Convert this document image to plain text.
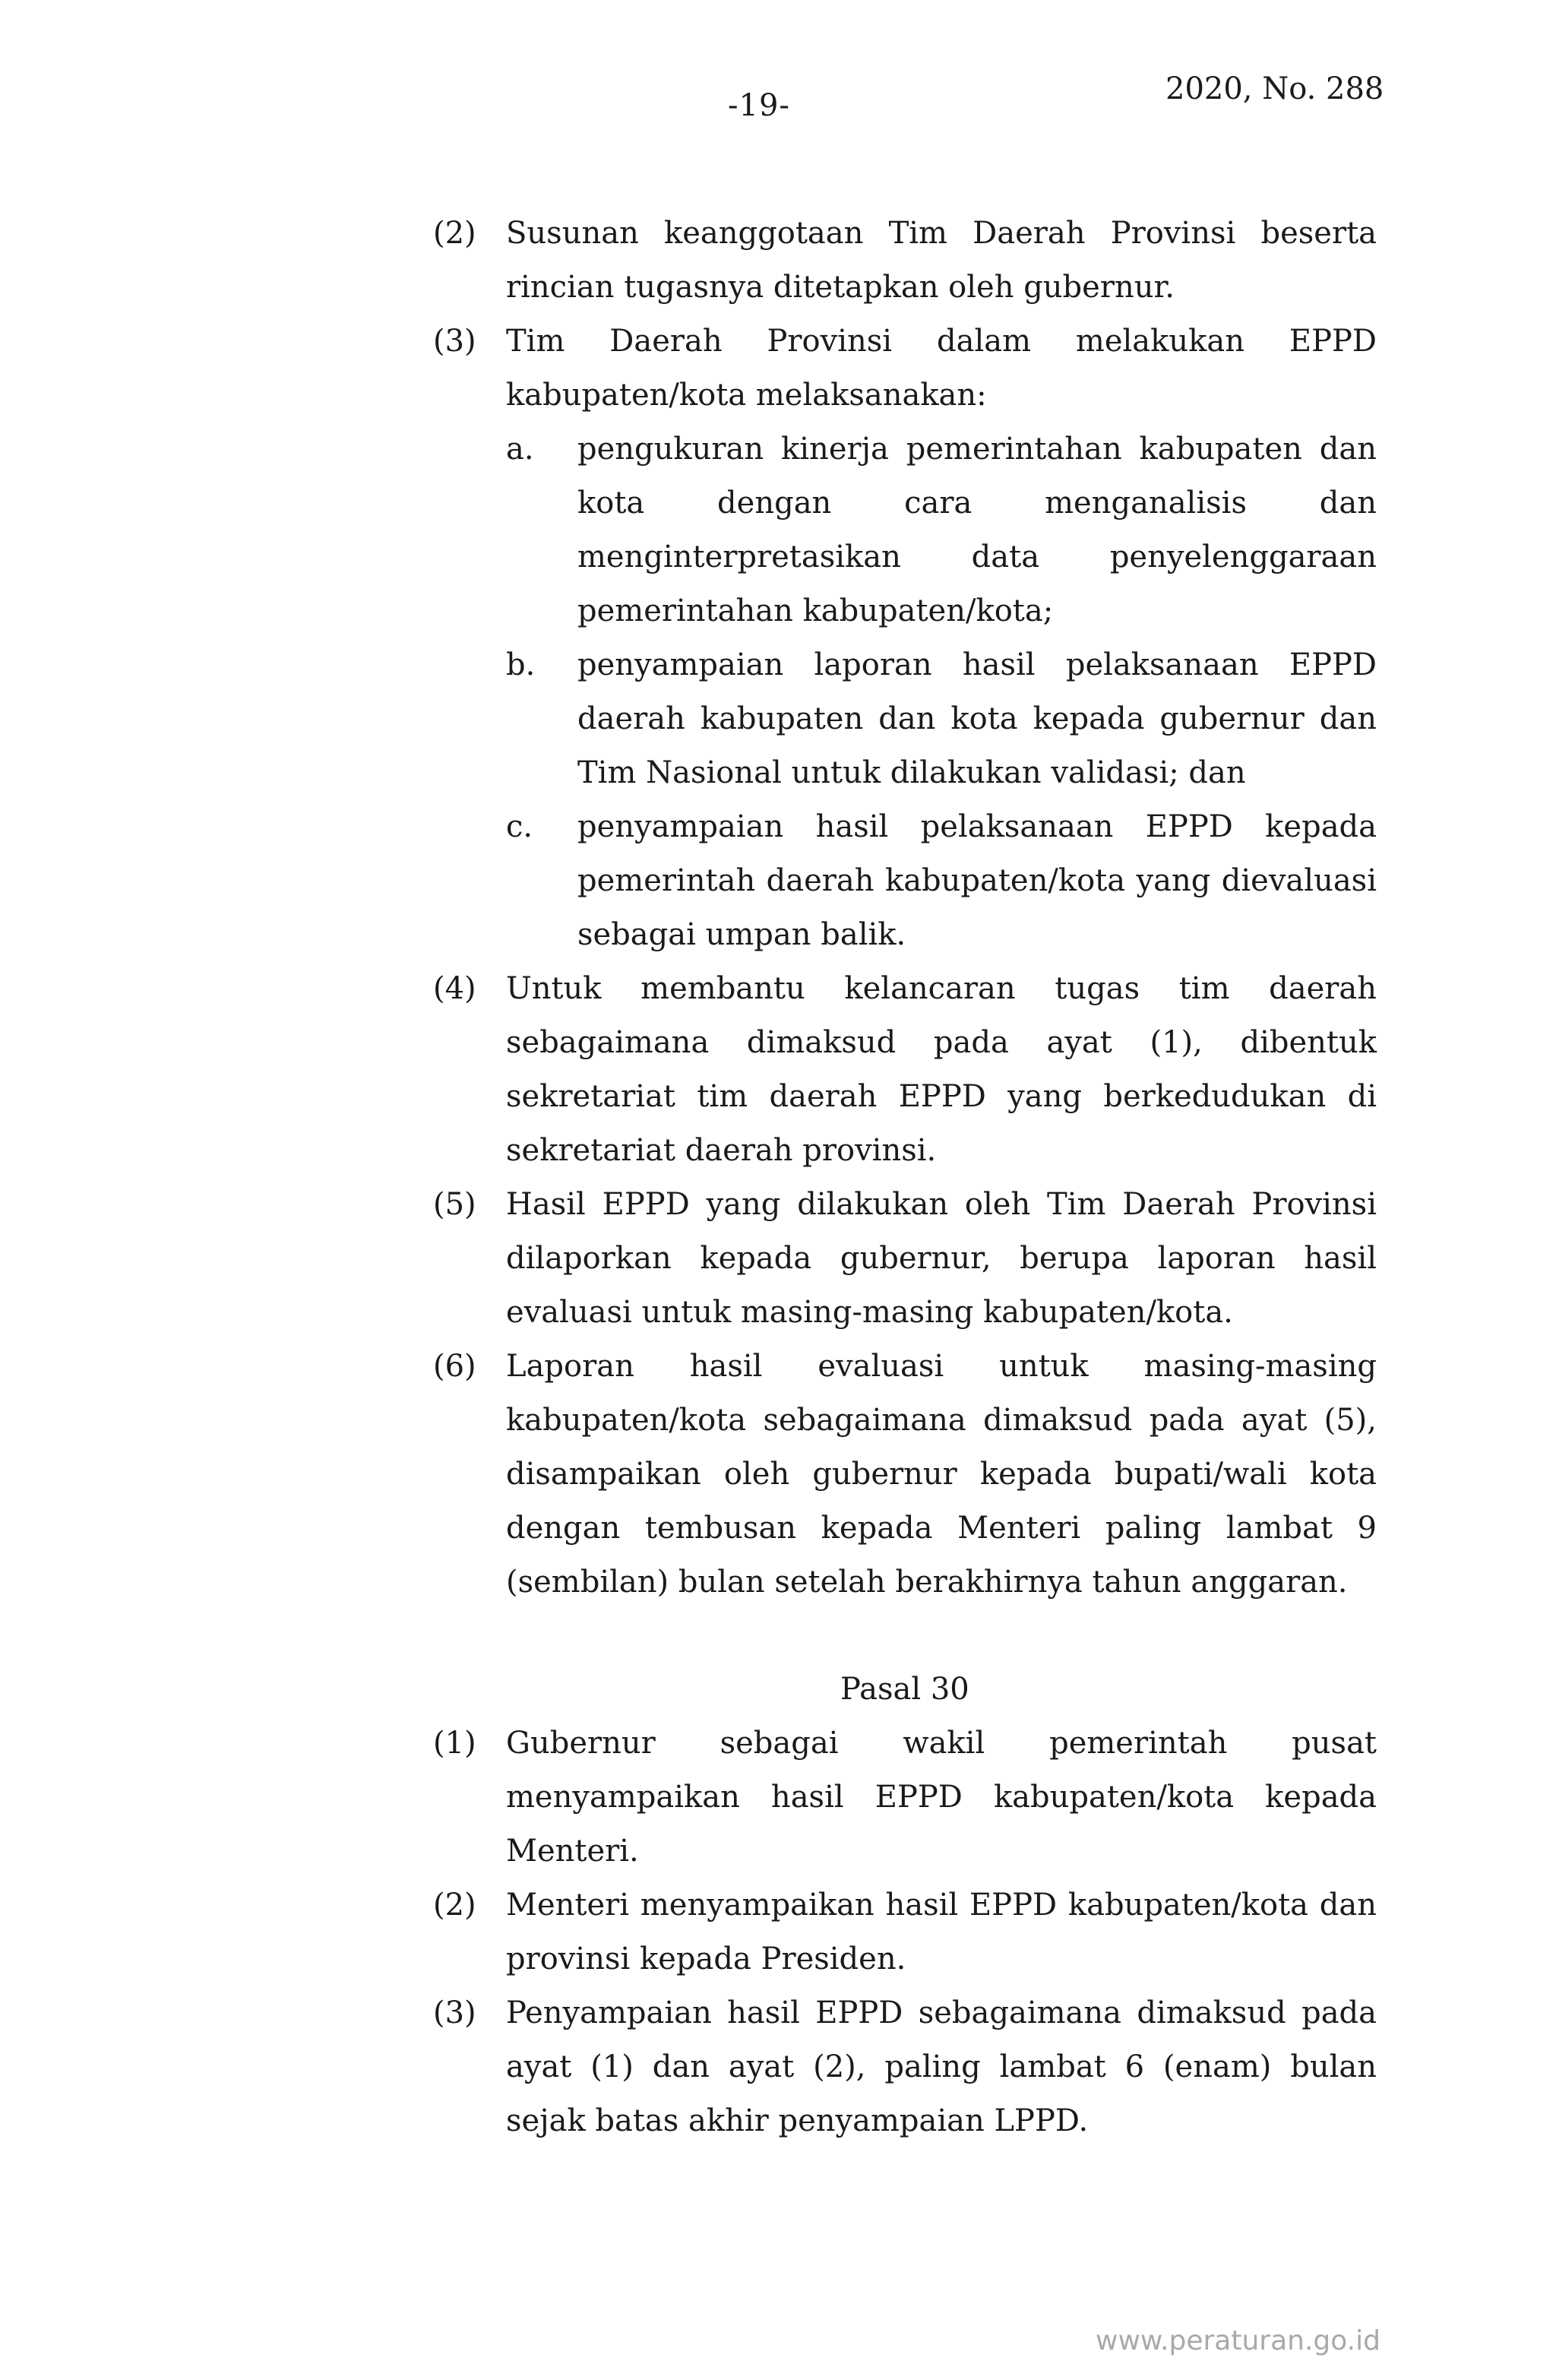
2020, No. 288
-19-
(2) Susunan keanggotaan Tim Daerah Provinsi beserta rincian tugasnya ditetapkan oleh gubernur.
(3) Tim Daerah Provinsi dalam melakukan EPPD kabupaten/kota melaksanakan:
a. pengukuran kinerja pemerintahan kabupaten dan kota dengan cara menganalisis dan menginterpretasikan data penyelenggaraan pemerintahan kabupaten/kota;
b. penyampaian laporan hasil pelaksanaan EPPD daerah kabupaten dan kota kepada gubernur dan Tim Nasional untuk dilakukan validasi; dan
c. penyampaian hasil pelaksanaan EPPD kepada pemerintah daerah kabupaten/kota yang dievaluasi sebagai umpan balik.
(4) Untuk membantu kelancaran tugas tim daerah sebagaimana dimaksud pada ayat (1), dibentuk sekretariat tim daerah EPPD yang berkedudukan di sekretariat daerah provinsi.
(5) Hasil EPPD yang dilakukan oleh Tim Daerah Provinsi dilaporkan kepada gubernur, berupa laporan hasil evaluasi untuk masing-masing kabupaten/kota.
(6) Laporan hasil evaluasi untuk masing-masing kabupaten/kota sebagaimana dimaksud pada ayat (5), disampaikan oleh gubernur kepada bupati/wali kota dengan tembusan kepada Menteri paling lambat 9 (sembilan) bulan setelah berakhirnya tahun anggaran.
Pasal 30
(1) Gubernur sebagai wakil pemerintah pusat menyampaikan hasil EPPD kabupaten/kota kepada Menteri.
(2) Menteri menyampaikan hasil EPPD kabupaten/kota dan provinsi kepada Presiden.
(3) Penyampaian hasil EPPD sebagaimana dimaksud pada ayat (1) dan ayat (2), paling lambat 6 (enam) bulan sejak batas akhir penyampaian LPPD.
www.peraturan.go.id
